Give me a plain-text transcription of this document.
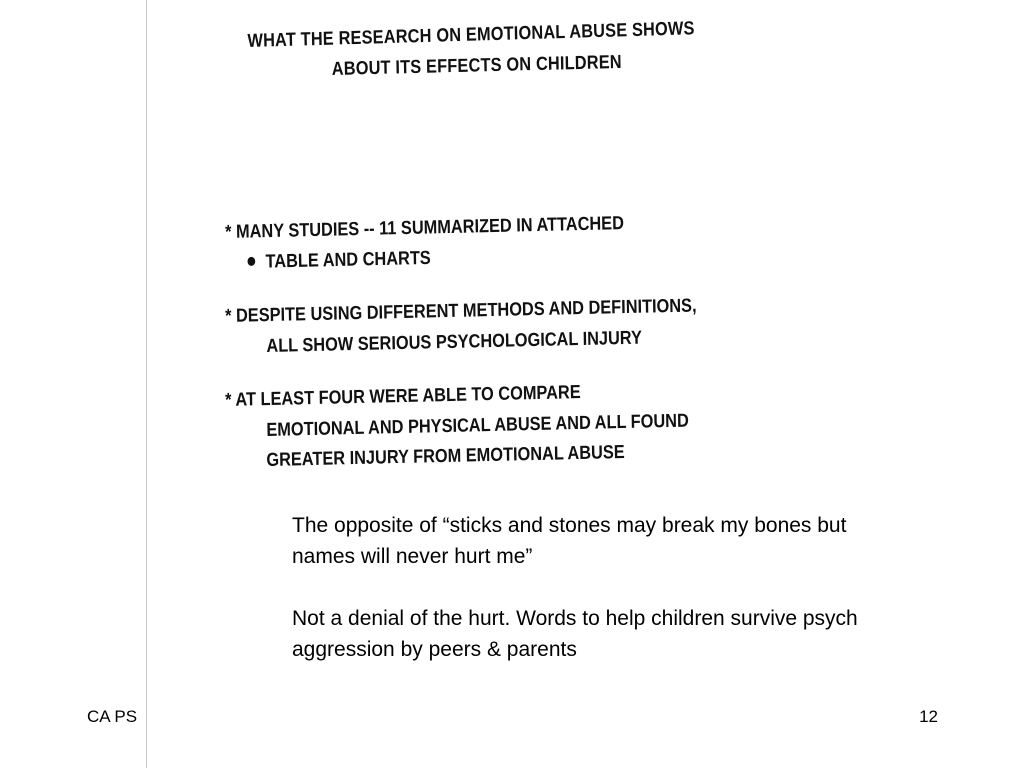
WHAT THE RESEARCH ON EMOTIONAL ABUSE SHOWS
ABOUT ITS EFFECTS ON CHILDREN
* MANY STUDIES -- 11 SUMMARIZED IN ATTACHED
TABLE AND CHARTS
* DESPITE USING DIFFERENT METHODS AND DEFINITIONS,
ALL SHOW SERIOUS PSYCHOLOGICAL INJURY
* AT LEAST FOUR WERE ABLE TO COMPARE
EMOTIONAL AND PHYSICAL ABUSE AND ALL FOUND
GREATER INJURY FROM EMOTIONAL ABUSE

The opposite of “sticks and stones may break my bones but names will never hurt me”

Not a denial of the hurt. Words to help children survive psych aggression by peers & parents

CA PS	12
